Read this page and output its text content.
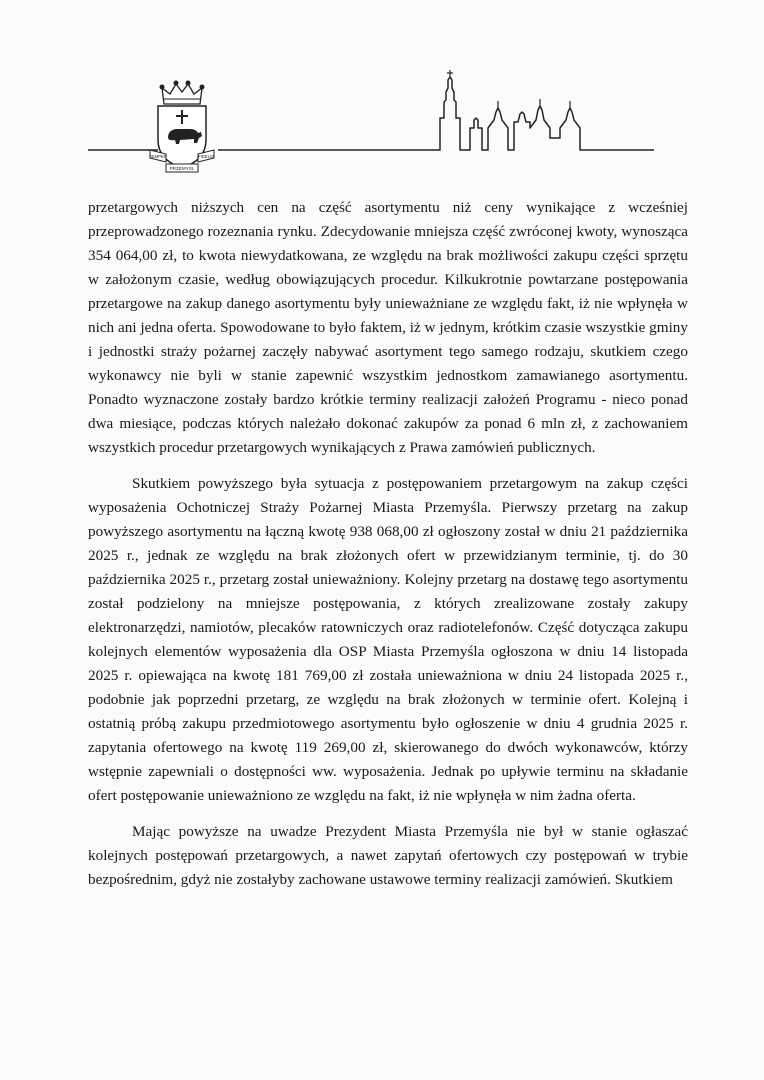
SEMPER	FIDELIS
PRZEMYŚL

przetargowych niższych cen na część asortymentu niż ceny wynikające z wcześniej przeprowadzonego rozeznania rynku. Zdecydowanie mniejsza część zwróconej kwoty, wynosząca 354 064,00 zł, to kwota niewydatkowana, ze względu na brak możliwości zakupu części sprzętu w założonym czasie, według obowiązujących procedur. Kilkukrotnie powtarzane postępowania przetargowe na zakup danego asortymentu były unieważniane ze względu fakt, iż nie wpłynęła w nich ani jedna oferta. Spowodowane to było faktem, iż w jednym, krótkim czasie wszystkie gminy i jednostki straży pożarnej zaczęły nabywać asortyment tego samego rodzaju, skutkiem czego wykonawcy nie byli w stanie zapewnić wszystkim jednostkom zamawianego asortymentu. Ponadto wyznaczone zostały bardzo krótkie terminy realizacji założeń Programu - nieco ponad dwa miesiące, podczas których należało dokonać zakupów za ponad 6 mln zł, z zachowaniem wszystkich procedur przetargowych wynikających z Prawa zamówień publicznych.

Skutkiem powyższego była sytuacja z postępowaniem przetargowym na zakup części wyposażenia Ochotniczej Straży Pożarnej Miasta Przemyśla. Pierwszy przetarg na zakup powyższego asortymentu na łączną kwotę 938 068,00 zł ogłoszony został w dniu 21 października 2025 r., jednak ze względu na brak złożonych ofert w przewidzianym terminie, tj. do 30 października 2025 r., przetarg został unieważniony. Kolejny przetarg na dostawę tego asortymentu został podzielony na mniejsze postępowania, z których zrealizowane zostały zakupy elektronarzędzi, namiotów, plecaków ratowniczych oraz radiotelefonów. Część dotycząca zakupu kolejnych elementów wyposażenia dla OSP Miasta Przemyśla ogłoszona w dniu 14 listopada 2025 r. opiewająca na kwotę 181 769,00 zł została unieważniona w dniu 24 listopada 2025 r., podobnie jak poprzedni przetarg, ze względu na brak złożonych w terminie ofert. Kolejną i ostatnią próbą zakupu przedmiotowego asortymentu było ogłoszenie w dniu 4 grudnia 2025 r. zapytania ofertowego na kwotę 119 269,00 zł, skierowanego do dwóch wykonawców, którzy wstępnie zapewniali o dostępności ww. wyposażenia. Jednak po upływie terminu na składanie ofert postępowanie unieważniono ze względu na fakt, iż nie wpłynęła w nim żadna oferta.

Mając powyższe na uwadze Prezydent Miasta Przemyśla nie był w stanie ogłaszać kolejnych postępowań przetargowych, a nawet zapytań ofertowych czy postępowań w trybie bezpośrednim, gdyż nie zostałyby zachowane ustawowe terminy realizacji zamówień. Skutkiem
